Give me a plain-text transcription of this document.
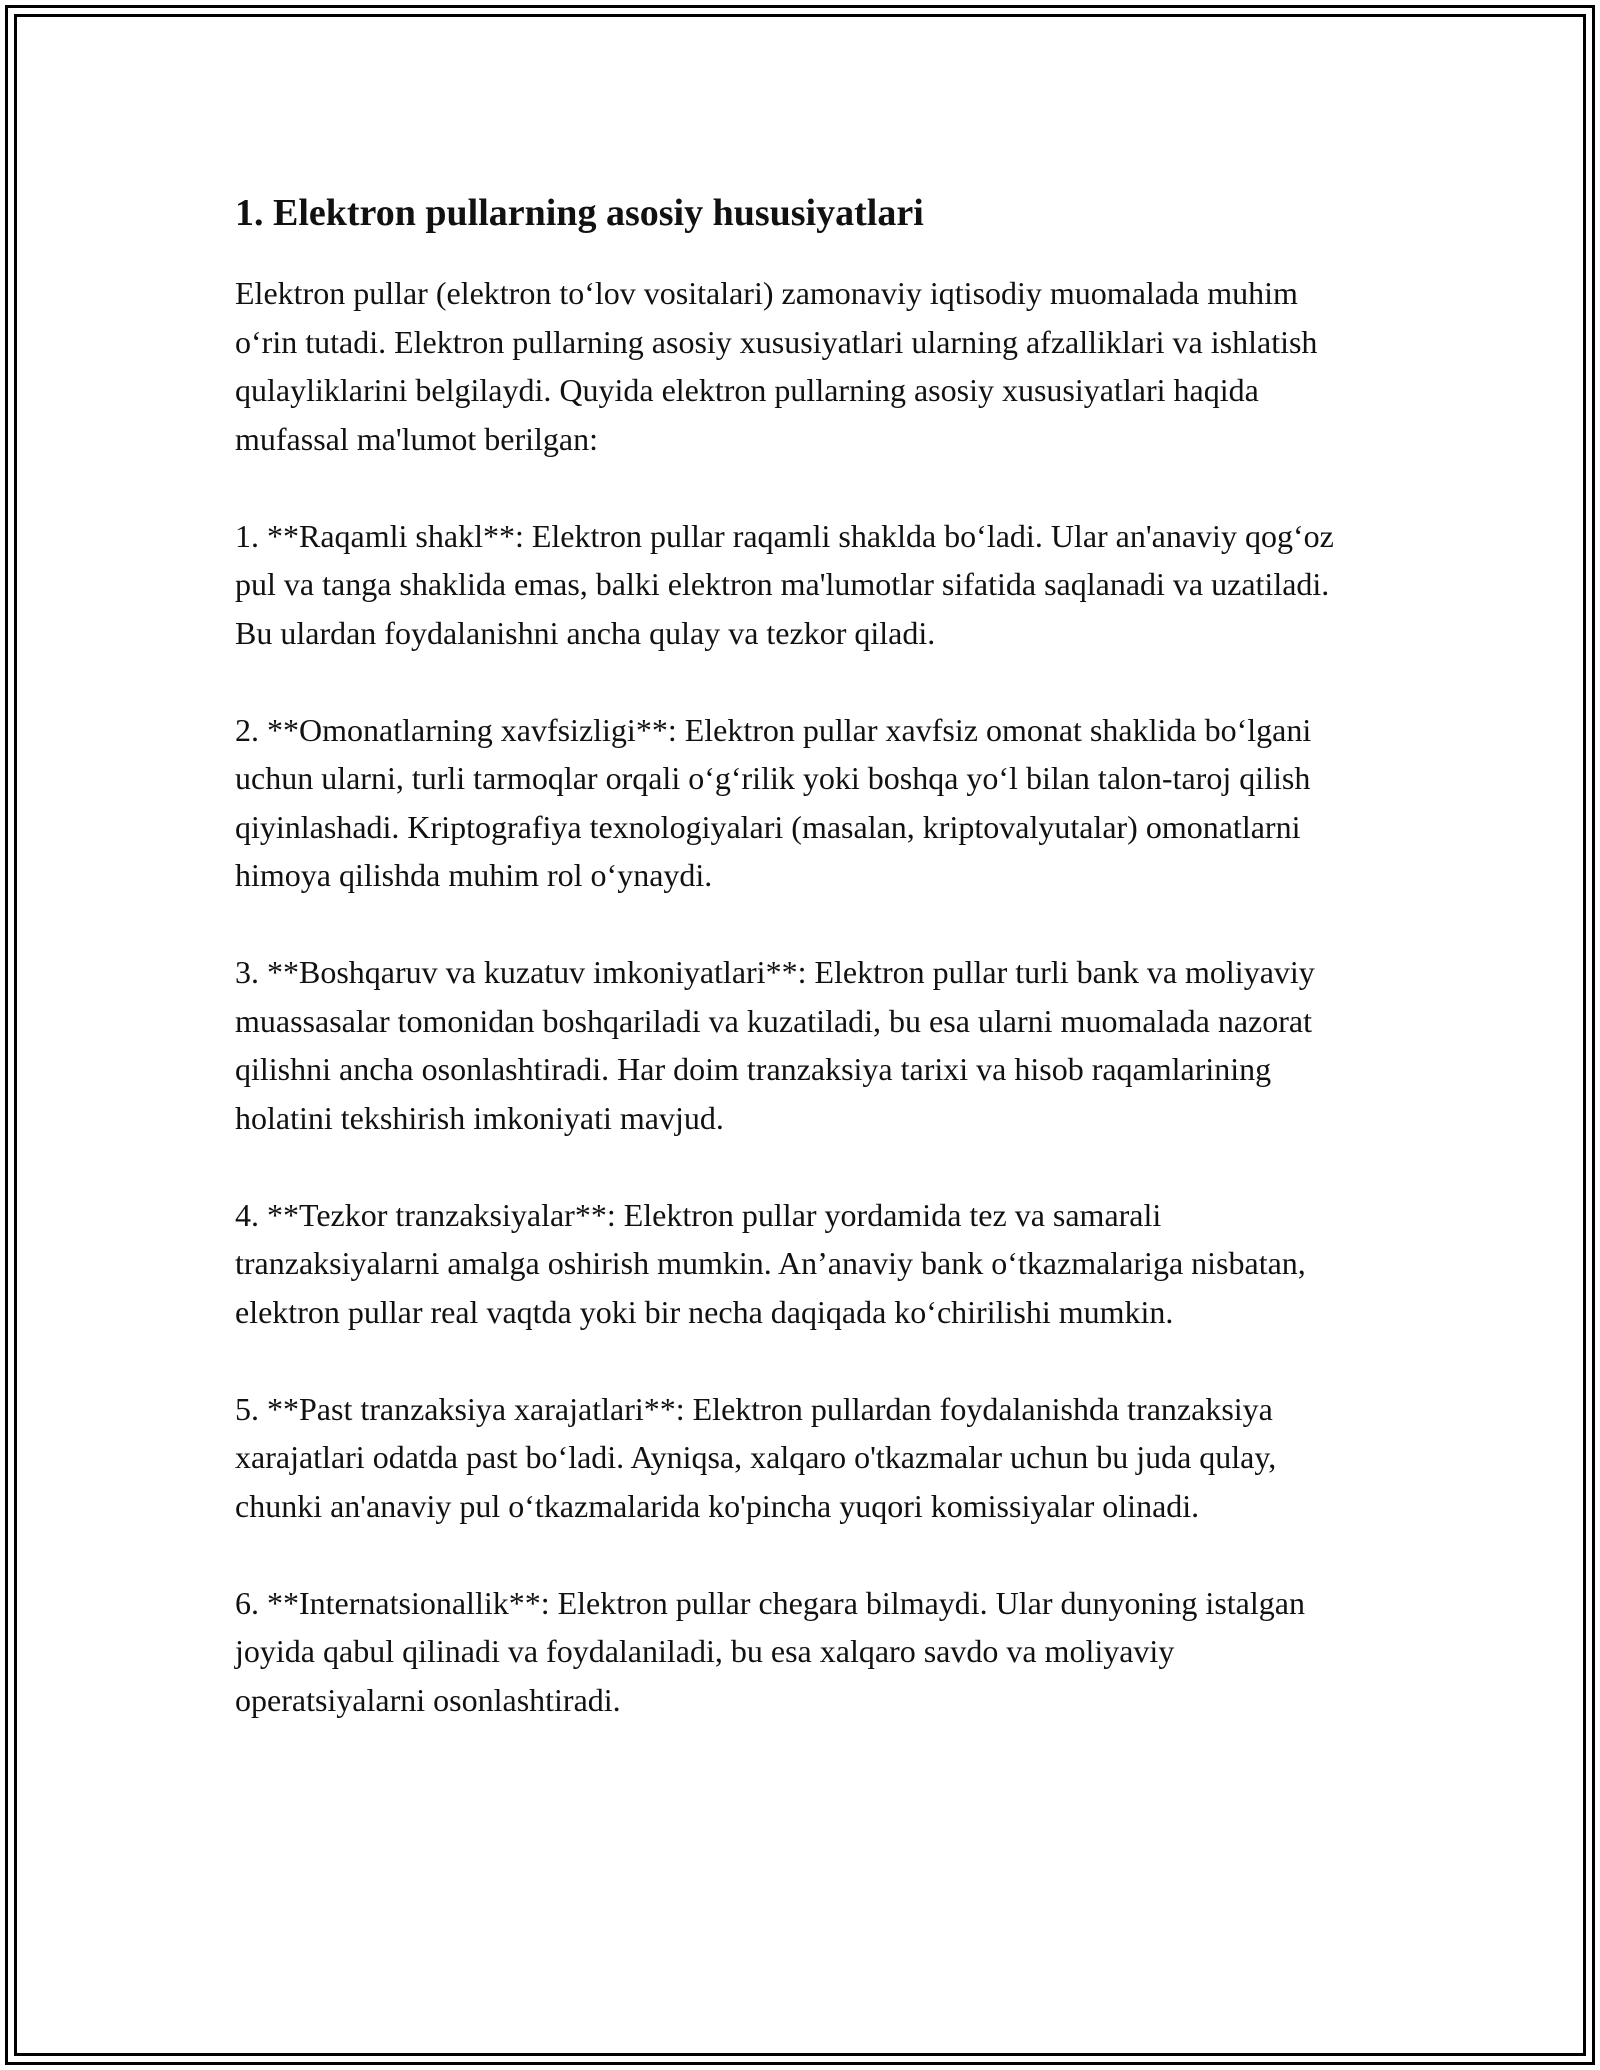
1. Elektron pullarning asosiy hususiyatlari

Elektron pullar (elektron to‘lov vositalari) zamonaviy iqtisodiy muomalada muhim o‘rin tutadi. Elektron pullarning asosiy xususiyatlari ularning afzalliklari va ishlatish qulayliklarini belgilaydi. Quyida elektron pullarning asosiy xususiyatlari haqida mufassal ma'lumot berilgan:

1. **Raqamli shakl**: Elektron pullar raqamli shaklda bo‘ladi. Ular an'anaviy qog‘oz pul va tanga shaklida emas, balki elektron ma'lumotlar sifatida saqlanadi va uzatiladi. Bu ulardan foydalanishni ancha qulay va tezkor qiladi.

2. **Omonatlarning xavfsizligi**: Elektron pullar xavfsiz omonat shaklida bo‘lgani uchun ularni, turli tarmoqlar orqali o‘g‘rilik yoki boshqa yo‘l bilan talon-taroj qilish qiyinlashadi. Kriptografiya texnologiyalari (masalan, kriptovalyutalar) omonatlarni himoya qilishda muhim rol o‘ynaydi.

3. **Boshqaruv va kuzatuv imkoniyatlari**: Elektron pullar turli bank va moliyaviy muassasalar tomonidan boshqariladi va kuzatiladi, bu esa ularni muomalada nazorat qilishni ancha osonlashtiradi. Har doim tranzaksiya tarixi va hisob raqamlarining holatini tekshirish imkoniyati mavjud.

4. **Tezkor tranzaksiyalar**: Elektron pullar yordamida tez va samarali tranzaksiyalarni amalga oshirish mumkin. An’anaviy bank o‘tkazmalariga nisbatan, elektron pullar real vaqtda yoki bir necha daqiqada ko‘chirilishi mumkin.

5. **Past tranzaksiya xarajatlari**: Elektron pullardan foydalanishda tranzaksiya xarajatlari odatda past bo‘ladi. Ayniqsa, xalqaro o'tkazmalar uchun bu juda qulay, chunki an'anaviy pul o‘tkazmalarida ko'pincha yuqori komissiyalar olinadi.

6. **Internatsionallik**: Elektron pullar chegara bilmaydi. Ular dunyoning istalgan joyida qabul qilinadi va foydalaniladi, bu esa xalqaro savdo va moliyaviy operatsiyalarni osonlashtiradi.
